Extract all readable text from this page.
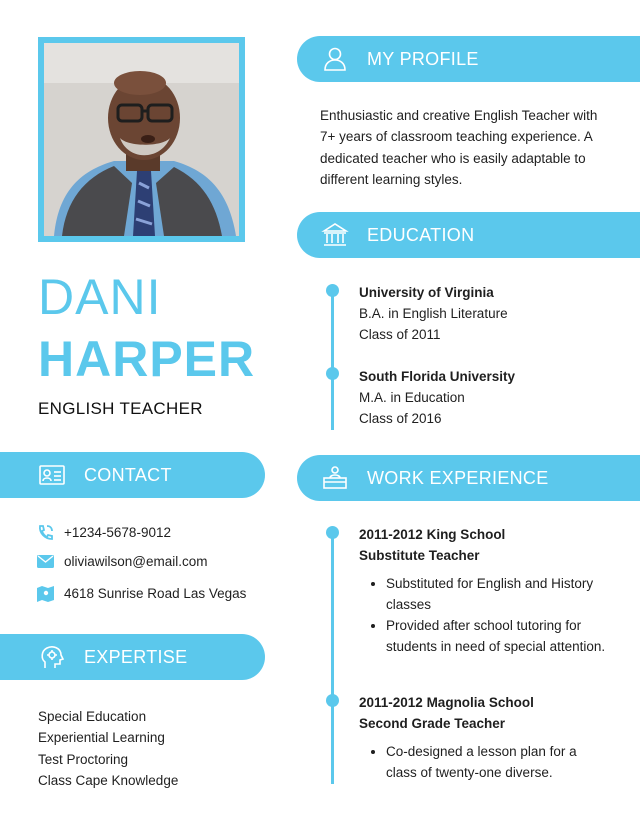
DANI
HARPER
ENGLISH TEACHER
MY PROFILE
Enthusiastic and creative English Teacher with 7+ years of classroom teaching experience. A dedicated teacher who is easily adaptable to different learning styles.
EDUCATION
University of Virginia
B.A. in English Literature
Class of 2011
South Florida University
M.A. in Education
Class of 2016
CONTACT
+1234-5678-9012
oliviawilson@email.com
4618 Sunrise Road Las Vegas
WORK EXPERIENCE
2011-2012 King School
Substitute Teacher
• Substituted for English and History classes
• Provided after school tutoring for students in need of special attention.
2011-2012 Magnolia School
Second Grade Teacher
• Co-designed a lesson plan for a class of twenty-one diverse.
EXPERTISE
Special Education
Experiential Learning
Test Proctoring
Class Cape Knowledge
